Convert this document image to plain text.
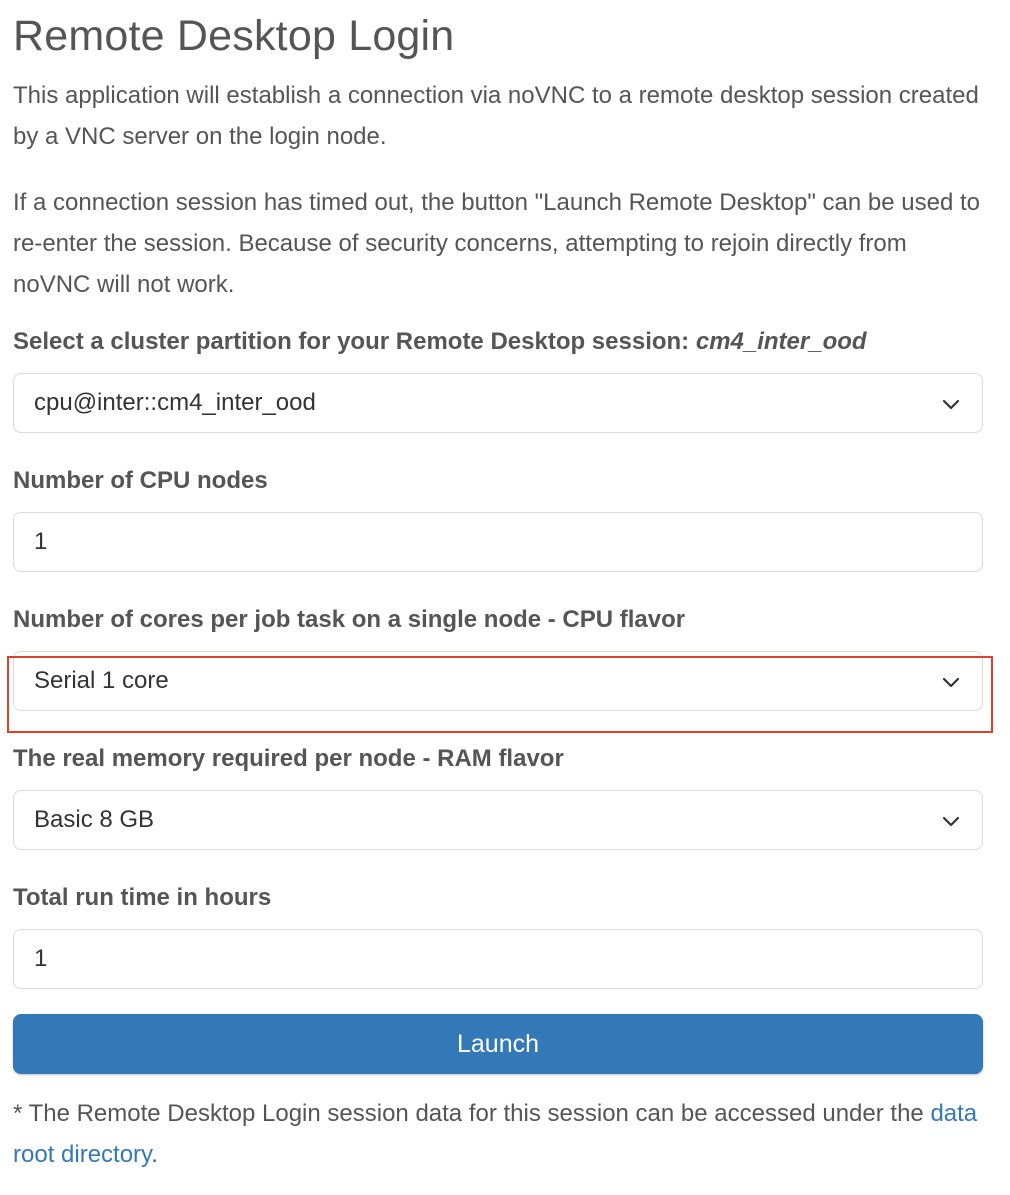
Remote Desktop Login

This application will establish a connection via noVNC to a remote desktop session created by a VNC server on the login node.

If a connection session has timed out, the button "Launch Remote Desktop" can be used to re-enter the session. Because of security concerns, attempting to rejoin directly from noVNC will not work.

Select a cluster partition for your Remote Desktop session: cm4_inter_ood
cpu@inter::cm4_inter_ood
Number of CPU nodes
1
Number of cores per job task on a single node - CPU flavor
Serial 1 core
The real memory required per node - RAM flavor
Basic 8 GB
Total run time in hours
1
Launch

* The Remote Desktop Login session data for this session can be accessed under the data root directory.
